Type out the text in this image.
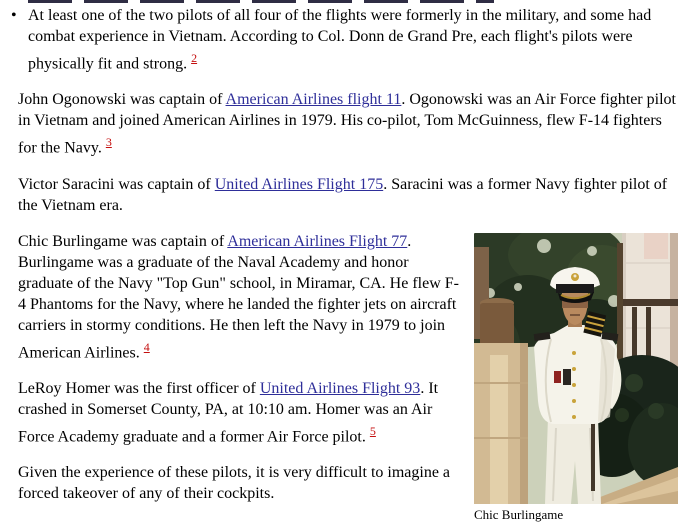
• At least one of the two pilots of all four of the flights were formerly in the military, and some had combat experience in Vietnam. According to Col. Donn de Grand Pre, each flight's pilots were physically fit and strong. $^2$

John Ogonowski was captain of American Airlines flight 11. Ogonowski was an Air Force fighter pilot in Vietnam and joined American Airlines in 1979. His co-pilot, Tom McGuinness, flew F-14 fighters for the Navy. $^3$

Victor Saracini was captain of United Airlines Flight 175. Saracini was a former Navy fighter pilot of the Vietnam era.

Chic Burlingame

Chic Burlingame was captain of American Airlines Flight 77. Burlingame was a graduate of the Naval Academy and honor graduate of the Navy "Top Gun" school, in Miramar, CA. He flew F-4 Phantoms for the Navy, where he landed the fighter jets on aircraft carriers in stormy conditions. He then left the Navy in 1979 to join American Airlines. $^4$

LeRoy Homer was the first officer of United Airlines Flight 93. It crashed in Somerset County, PA, at 10:10 am. Homer was an Air Force Academy graduate and a former Air Force pilot. $^5$

Given the experience of these pilots, it is very difficult to imagine a forced takeover of any of their cockpits.
